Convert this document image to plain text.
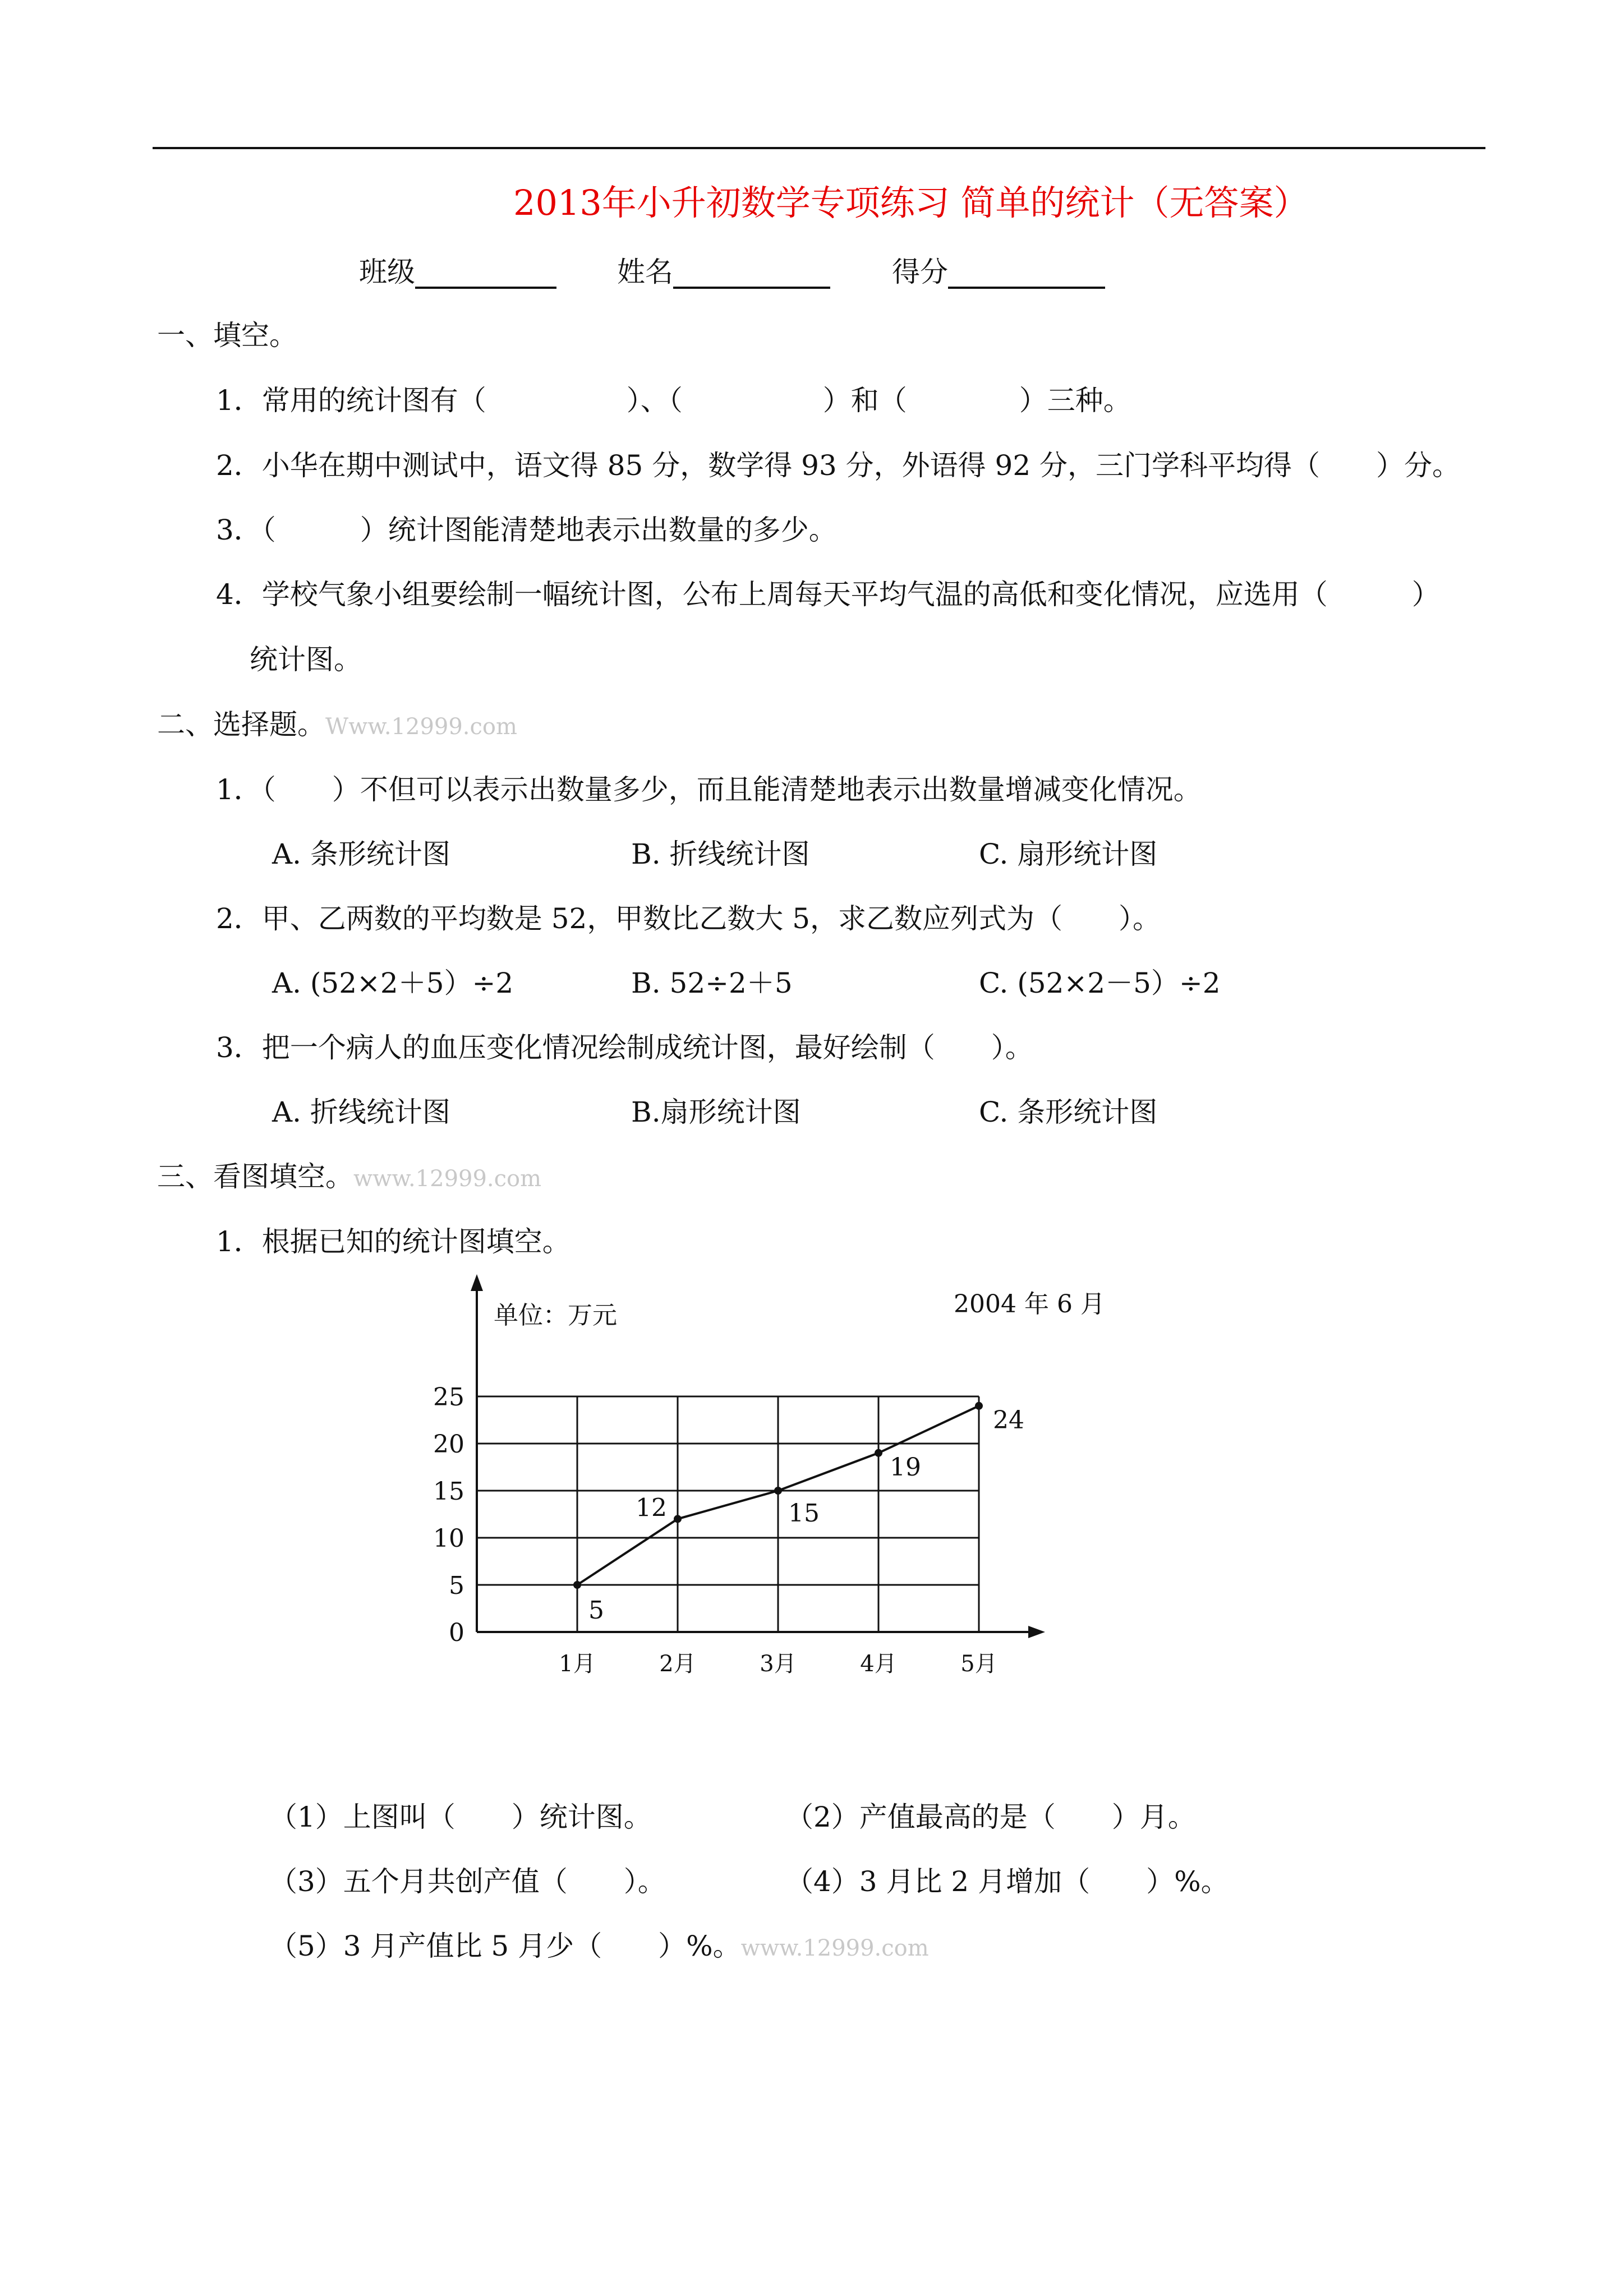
2013年小升初数学专项练习 简单的统计（无答案）
班级	姓名	得分
一、填空。
1．常用的统计图有（　　　　　）、（　　　　　）和（　　　　）三种。
2．小华在期中测试中，语文得 85 分，数学得 93 分，外语得 92 分，三门学科平均得（　　）分。
3．（　　　）统计图能清楚地表示出数量的多少。
4．学校气象小组要绘制一幅统计图，公布上周每天平均气温的高低和变化情况，应选用（　　　）
统计图。
二、选择题。Www.12999.com
1．（　　）不但可以表示出数量多少，而且能清楚地表示出数量增减变化情况。
A. 条形统计图	B. 折线统计图	C. 扇形统计图
2．甲、乙两数的平均数是 52，甲数比乙数大 5，求乙数应列式为（　　）。
A. (52×2＋5）÷2	B. 52÷2＋5	C. (52×2－5）÷2
3．把一个病人的血压变化情况绘制成统计图，最好绘制（　　）。
A. 折线统计图	B.扇形统计图	C. 条形统计图
三、看图填空。www.12999.com
1．根据已知的统计图填空。
0
5
10
15
20
25
1月	2月	3月	4月	5月
5
12	15
19
24
单位：万元	2004 年 6 月
（1）上图叫（　　）统计图。	（2）产值最高的是（　　）月。
（3）五个月共创产值（　　）。	（4）3 月比 2 月增加（　　）%。
（5）3 月产值比 5 月少（　　）%。www.12999.com
